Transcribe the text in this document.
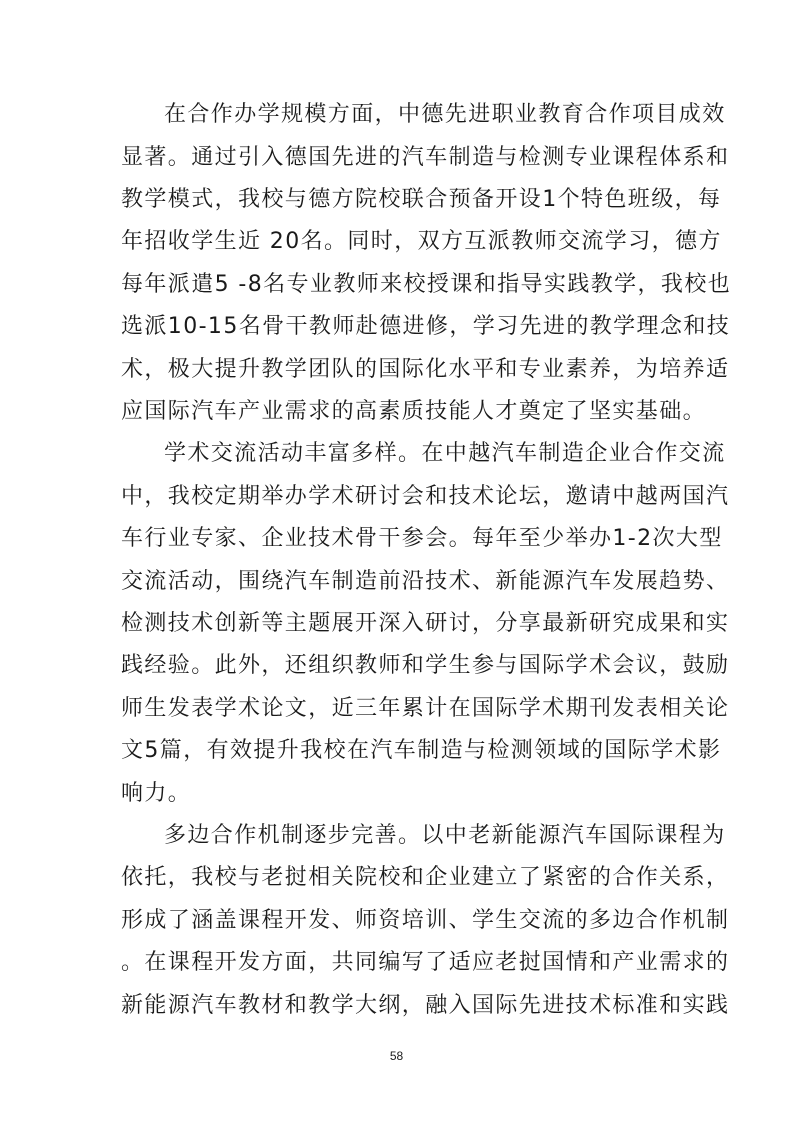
在合作办学规模方面，中德先进职业教育合作项目成效
显著。通过引入德国先进的汽车制造与检测专业课程体系和
教学模式，我校与德方院校联合预备开设1个特色班级，每
年招收学生近 20名。同时，双方互派教师交流学习，德方
每年派遣5 -8名专业教师来校授课和指导实践教学，我校也
选派10-15名骨干教师赴德进修，学习先进的教学理念和技
术，极大提升教学团队的国际化水平和专业素养，为培养适
应国际汽车产业需求的高素质技能人才奠定了坚实基础。
学术交流活动丰富多样。在中越汽车制造企业合作交流
中，我校定期举办学术研讨会和技术论坛，邀请中越两国汽
车行业专家、企业技术骨干参会。每年至少举办1-2次大型
交流活动，围绕汽车制造前沿技术、新能源汽车发展趋势、
检测技术创新等主题展开深入研讨，分享最新研究成果和实
践经验。此外，还组织教师和学生参与国际学术会议，鼓励
师生发表学术论文，近三年累计在国际学术期刊发表相关论
文5篇，有效提升我校在汽车制造与检测领域的国际学术影
响力。
多边合作机制逐步完善。以中老新能源汽车国际课程为
依托，我校与老挝相关院校和企业建立了紧密的合作关系，
形成了涵盖课程开发、师资培训、学生交流的多边合作机制
。在课程开发方面，共同编写了适应老挝国情和产业需求的
新能源汽车教材和教学大纲，融入国际先进技术标准和实践
58
